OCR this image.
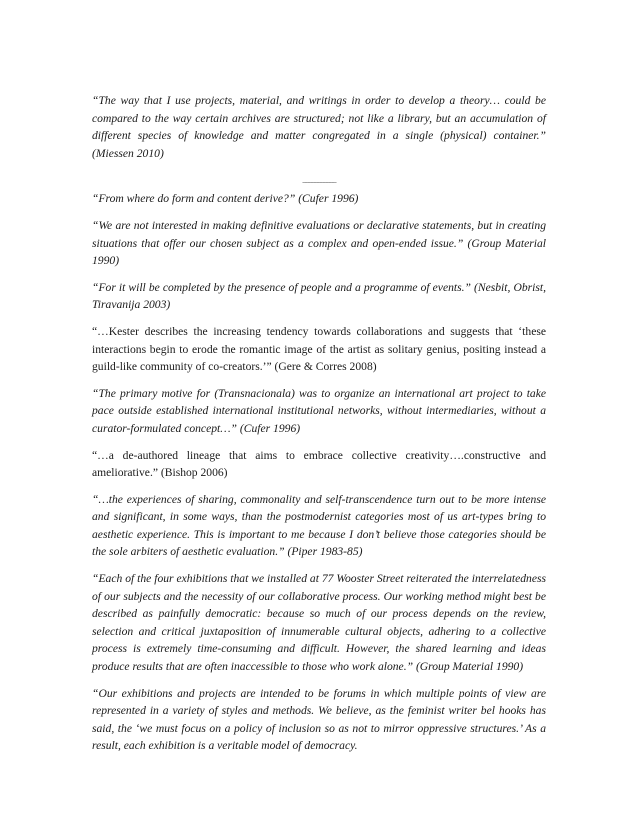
“The way that I use projects, material, and writings in order to develop a theory… could be compared to the way certain archives are structured; not like a library, but an accumulation of different species of knowledge and matter congregated in a single (physical) container.” (Miessen 2010)

___________

“From where do form and content derive?” (Cufer 1996)

“We are not interested in making definitive evaluations or declarative statements, but in creating situations that offer our chosen subject as a complex and open-ended issue.” (Group Material 1990)

“For it will be completed by the presence of people and a programme of events.” (Nesbit, Obrist, Tiravanija 2003)

“…Kester describes the increasing tendency towards collaborations and suggests that ‘these interactions begin to erode the romantic image of the artist as solitary genius, positing instead a guild-like community of co-creators.’” (Gere & Corres 2008)

“The primary motive for (Transnacionala) was to organize an international art project to take pace outside established international institutional networks, without intermediaries, without a curator-formulated concept…” (Cufer 1996)

“…a de-authored lineage that aims to embrace collective creativity….constructive and ameliorative.” (Bishop 2006)

“…the experiences of sharing, commonality and self-transcendence turn out to be more intense and significant, in some ways, than the postmodernist categories most of us art-types bring to aesthetic experience. This is important to me because I don’t believe those categories should be the sole arbiters of aesthetic evaluation.” (Piper 1983-85)

“Each of the four exhibitions that we installed at 77 Wooster Street reiterated the interrelatedness of our subjects and the necessity of our collaborative process. Our working method might best be described as painfully democratic: because so much of our process depends on the review, selection and critical juxtaposition of innumerable cultural objects, adhering to a collective process is extremely time-consuming and difficult. However, the shared learning and ideas produce results that are often inaccessible to those who work alone.” (Group Material 1990)

“Our exhibitions and projects are intended to be forums in which multiple points of view are represented in a variety of styles and methods. We believe, as the feminist writer bel hooks has said, the ‘we must focus on a policy of inclusion so as not to mirror oppressive structures.’ As a result, each exhibition is a veritable model of democracy.
